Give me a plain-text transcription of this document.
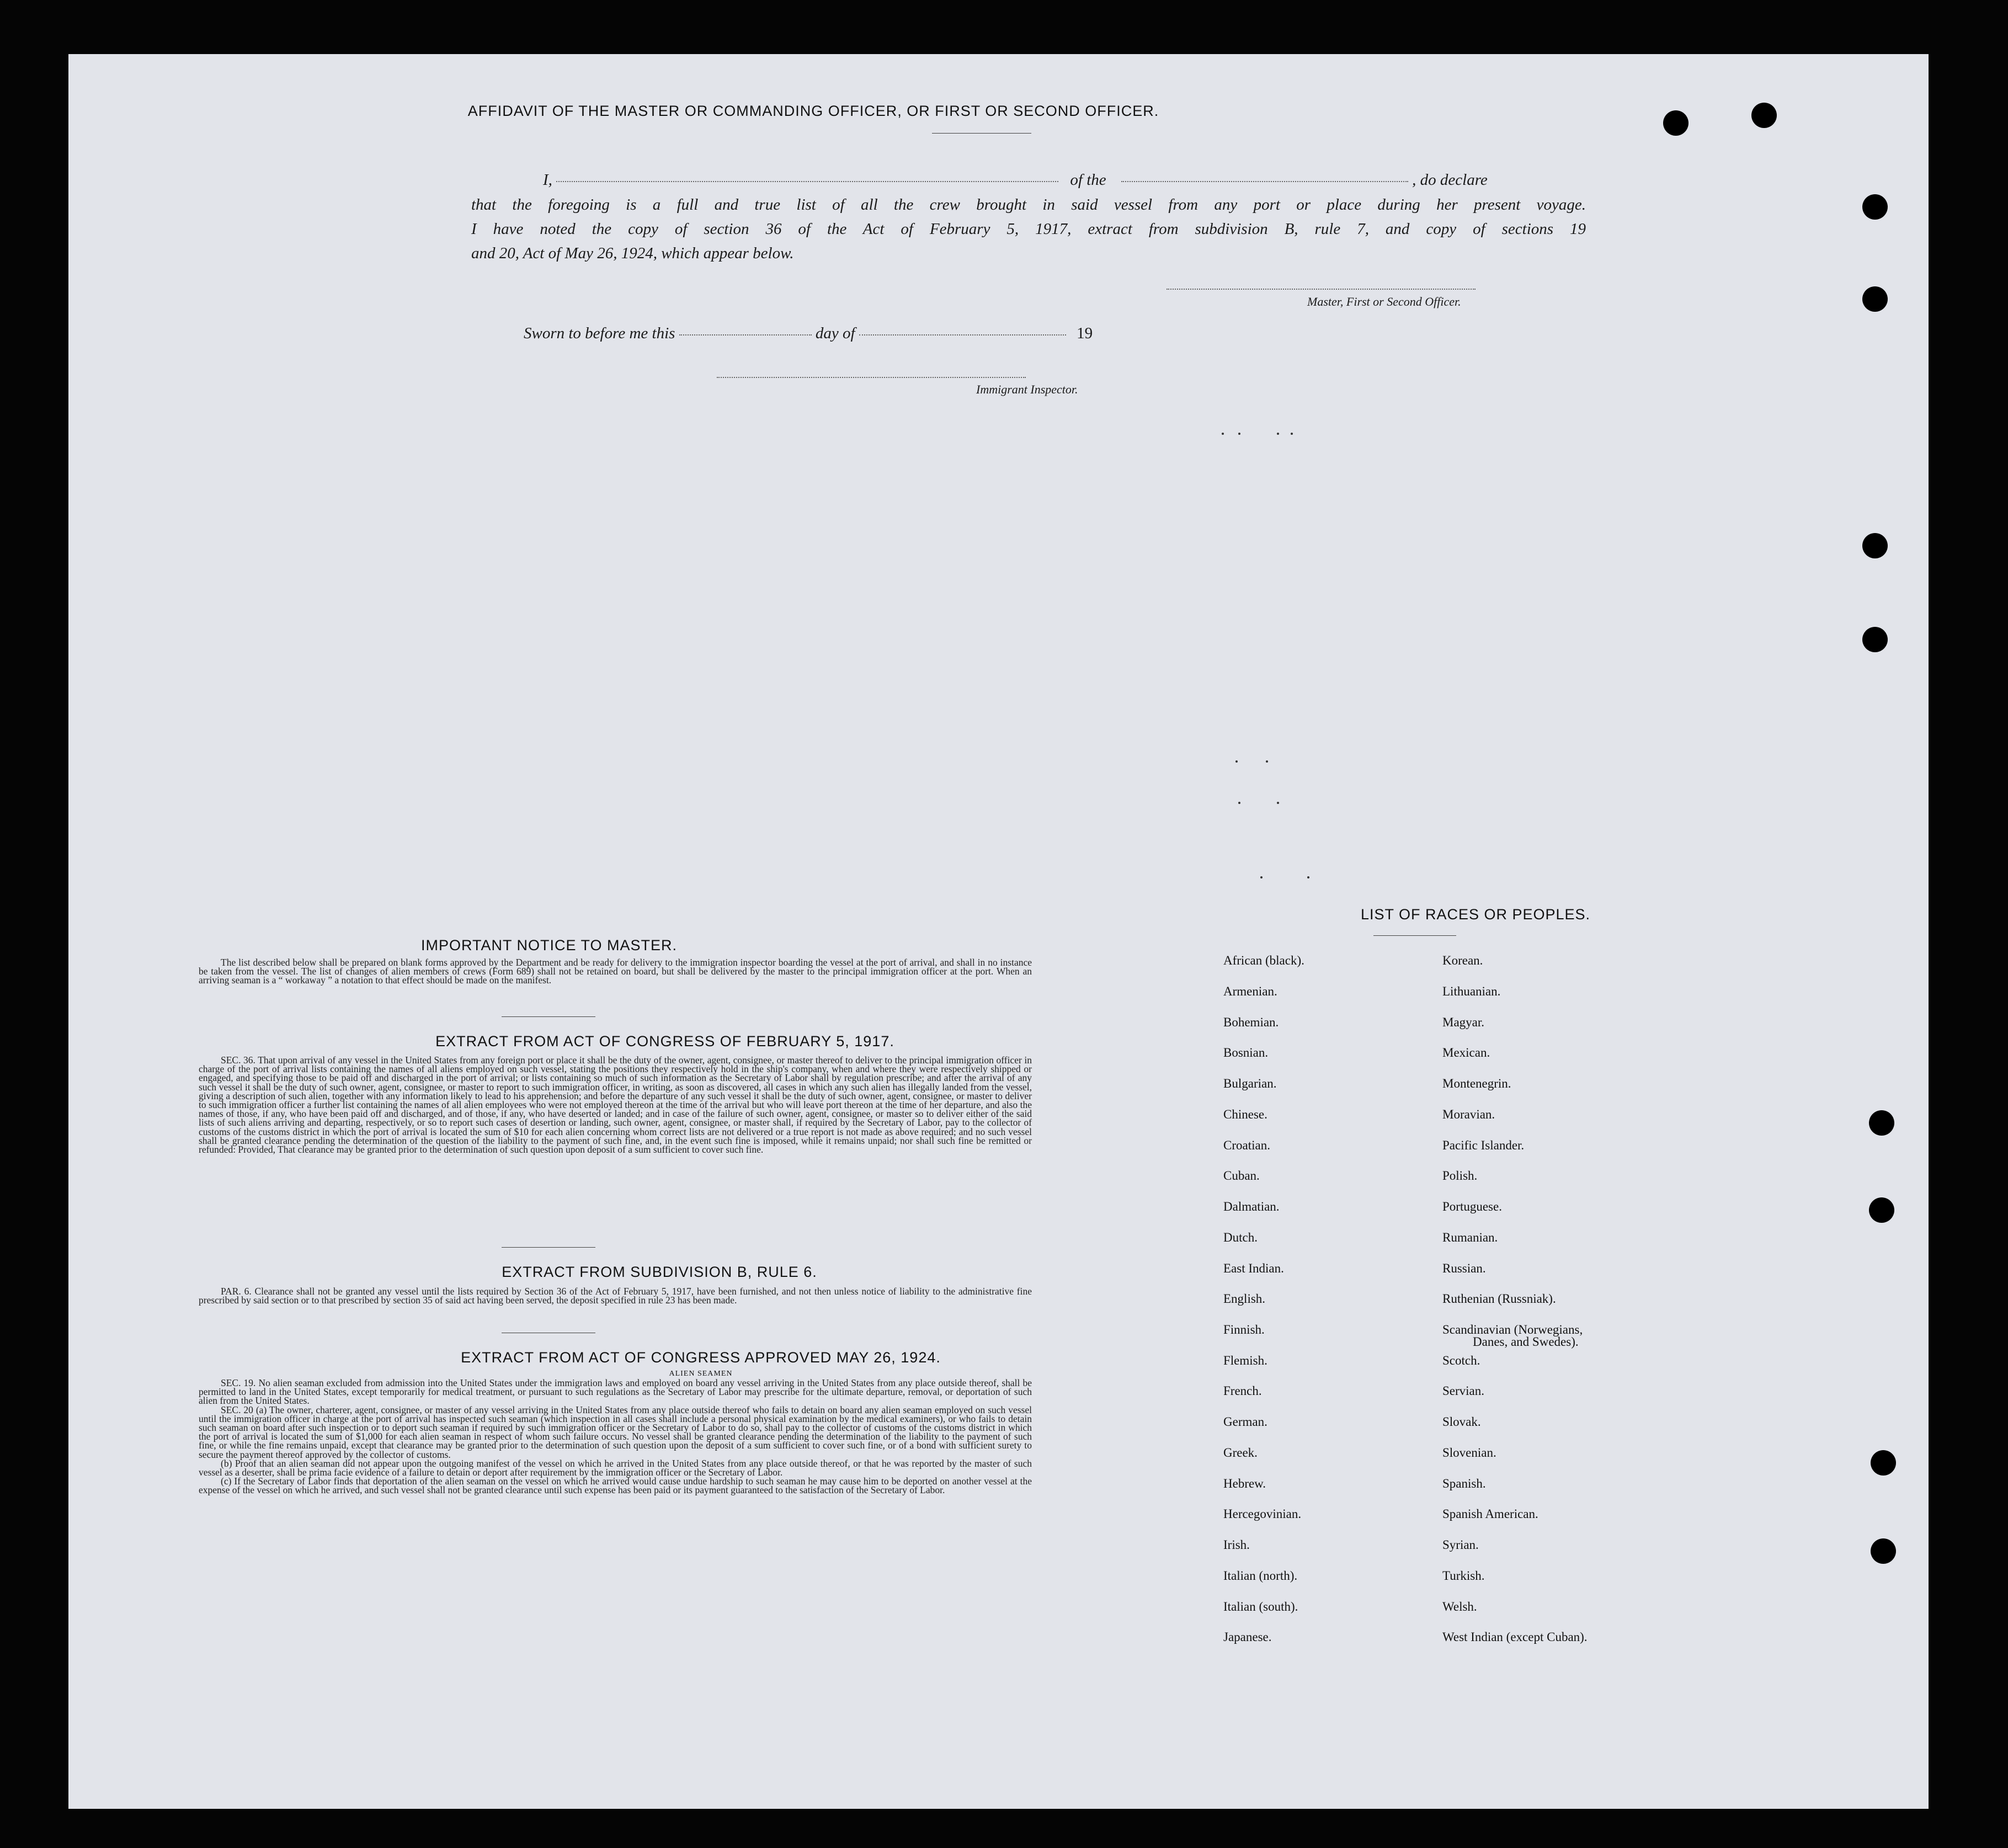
AFFIDAVIT OF THE MASTER OR COMMANDING OFFICER, OR FIRST OR SECOND OFFICER.
I,	of the	, do declare
that the foregoing is a full and true list of all the crew brought in said vessel from any port or place during her present voyage.
I have noted the copy of section 36 of the Act of February 5, 1917, extract from subdivision B, rule 7, and copy of sections 19
and 20, Act of May 26, 1924, which appear below.
Master, First or Second Officer.
Sworn to before me this	day of	19
Immigrant Inspector.
IMPORTANT NOTICE TO MASTER.

The list described below shall be prepared on blank forms approved by the Department and be ready for delivery to the immigration inspector boarding the vessel at the port of arrival, and shall in no instance be taken from the vessel. The list of changes of alien members of crews (Form 689) shall not be retained on board, but shall be delivered by the master to the principal immigration officer at the port. When an arriving seaman is a “ workaway ” a notation to that effect should be made on the manifest.

EXTRACT FROM ACT OF CONGRESS OF FEBRUARY 5, 1917.

SEC. 36. That upon arrival of any vessel in the United States from any foreign port or place it shall be the duty of the owner, agent, consignee, or master thereof to deliver to the principal immigration officer in charge of the port of arrival lists containing the names of all aliens employed on such vessel, stating the positions they respectively hold in the ship's company, when and where they were respectively shipped or engaged, and specifying those to be paid off and discharged in the port of arrival; or lists containing so much of such information as the Secretary of Labor shall by regulation prescribe; and after the arrival of any such vessel it shall be the duty of such owner, agent, consignee, or master to report to such immigration officer, in writing, as soon as discovered, all cases in which any such alien has illegally landed from the vessel, giving a description of such alien, together with any information likely to lead to his apprehension; and before the departure of any such vessel it shall be the duty of such owner, agent, consignee, or master to deliver to such immigration officer a further list containing the names of all alien employees who were not employed thereon at the time of the arrival but who will leave port thereon at the time of her departure, and also the names of those, if any, who have been paid off and discharged, and of those, if any, who have deserted or landed; and in case of the failure of such owner, agent, consignee, or master so to deliver either of the said lists of such aliens arriving and departing, respectively, or so to report such cases of desertion or landing, such owner, agent, consignee, or master shall, if required by the Secretary of Labor, pay to the collector of customs of the customs district in which the port of arrival is located the sum of $10 for each alien concerning whom correct lists are not delivered or a true report is not made as above required; and no such vessel shall be granted clearance pending the determination of the question of the liability to the payment of such fine, and, in the event such fine is imposed, while it remains unpaid; nor shall such fine be remitted or refunded: Provided, That clearance may be granted prior to the determination of such question upon deposit of a sum sufficient to cover such fine.

EXTRACT FROM SUBDIVISION B, RULE 6.

PAR. 6. Clearance shall not be granted any vessel until the lists required by Section 36 of the Act of February 5, 1917, have been furnished, and not then unless notice of liability to the administrative fine prescribed by said section or to that prescribed by section 35 of said act having been served, the deposit specified in rule 23 has been made.

EXTRACT FROM ACT OF CONGRESS APPROVED MAY 26, 1924.
ALIEN SEAMEN

SEC. 19. No alien seaman excluded from admission into the United States under the immigration laws and employed on board any vessel arriving in the United States from any place outside thereof, shall be permitted to land in the United States, except temporarily for medical treatment, or pursuant to such regulations as the Secretary of Labor may prescribe for the ultimate departure, removal, or deportation of such alien from the United States.

SEC. 20 (a) The owner, charterer, agent, consignee, or master of any vessel arriving in the United States from any place outside thereof who fails to detain on board any alien seaman employed on such vessel until the immigration officer in charge at the port of arrival has inspected such seaman (which inspection in all cases shall include a personal physical examination by the medical examiners), or who fails to detain such seaman on board after such inspection or to deport such seaman if required by such immigration officer or the Secretary of Labor to do so, shall pay to the collector of customs of the customs district in which the port of arrival is located the sum of $1,000 for each alien seaman in respect of whom such failure occurs. No vessel shall be granted clearance pending the determination of the liability to the payment of such fine, or while the fine remains unpaid, except that clearance may be granted prior to the determination of such question upon the deposit of a sum sufficient to cover such fine, or of a bond with sufficient surety to secure the payment thereof approved by the collector of customs.

(b) Proof that an alien seaman did not appear upon the outgoing manifest of the vessel on which he arrived in the United States from any place outside thereof, or that he was reported by the master of such vessel as a deserter, shall be prima facie evidence of a failure to detain or deport after requirement by the immigration officer or the Secretary of Labor.

(c) If the Secretary of Labor finds that deportation of the alien seaman on the vessel on which he arrived would cause undue hardship to such seaman he may cause him to be deported on another vessel at the expense of the vessel on which he arrived, and such vessel shall not be granted clearance until such expense has been paid or its payment guaranteed to the satisfaction of the Secretary of Labor.

LIST OF RACES OR PEOPLES.
African (black).
Armenian.
Bohemian.
Bosnian.
Bulgarian.
Chinese.
Croatian.
Cuban.
Dalmatian.
Dutch.
East Indian.
English.
Finnish.
Flemish.
French.
German.
Greek.
Hebrew.
Hercegovinian.
Irish.
Italian (north).
Italian (south).
Japanese.
Korean.
Lithuanian.
Magyar.
Mexican.
Montenegrin.
Moravian.
Pacific Islander.
Polish.
Portuguese.
Rumanian.
Russian.
Ruthenian (Russniak).
Scandinavian (Norwegians,
Danes, and Swedes).
Scotch.
Servian.
Slovak.
Slovenian.
Spanish.
Spanish American.
Syrian.
Turkish.
Welsh.
West Indian (except Cuban).
